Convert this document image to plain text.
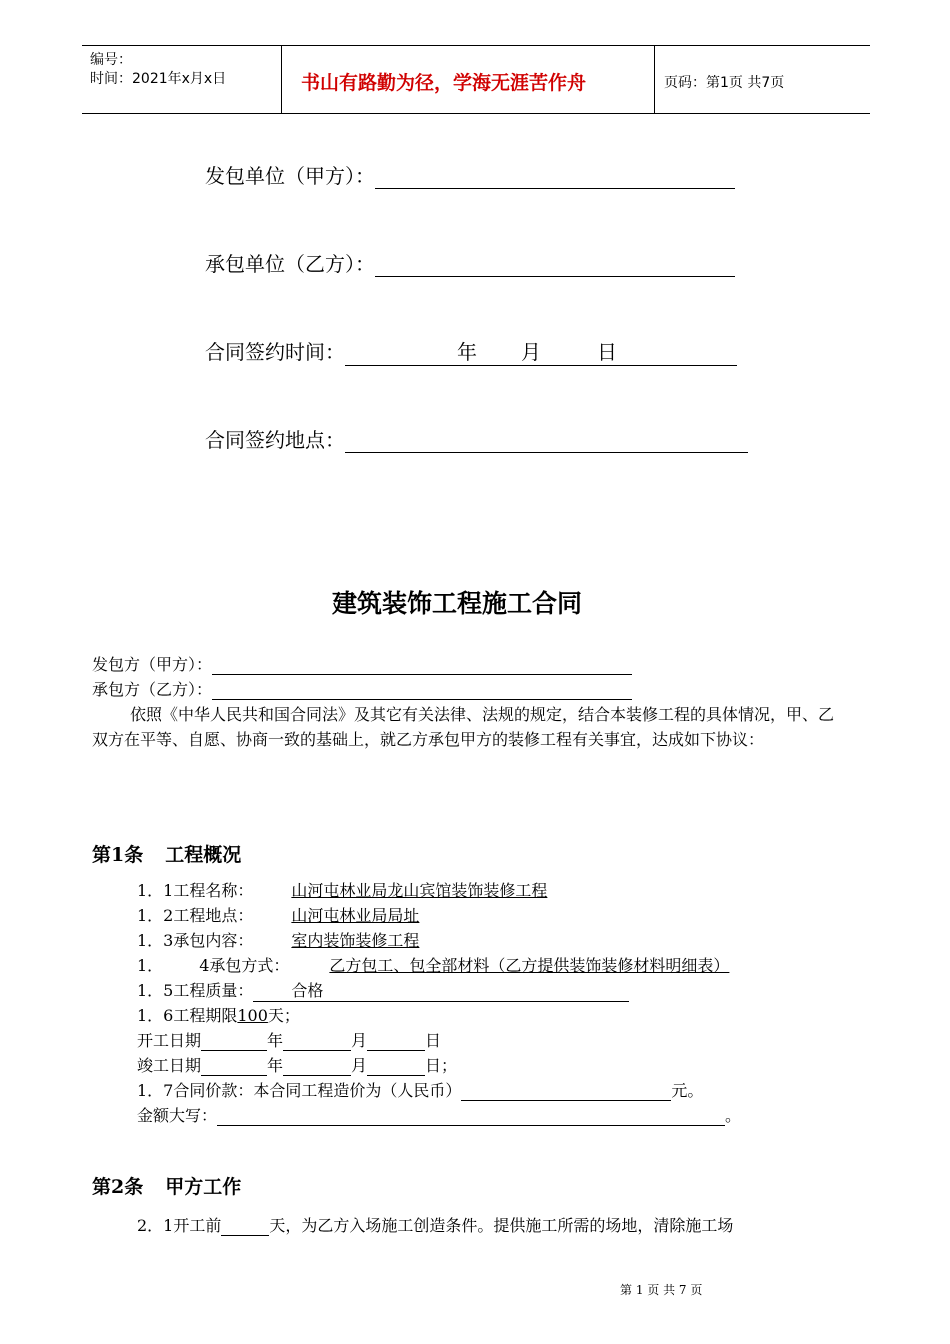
编号：
时间：2021年x月x日	书山有路勤为径，学海无涯苦作舟	页码：第1页 共7页
发包单位（甲方）：
承包单位（乙方）：
合同签约时间：	年 月	日
合同签约地点：
建筑装饰工程施工合同
发包方（甲方）：
承包方（乙方）：
依照《中华人民共和国合同法》及其它有关法律、法规的规定，结合本装修工程的具体情况，甲、乙双方在平等、自愿、协商一致的基础上，就乙方承包甲方的装修工程有关事宜，达成如下协议：
第1条 工程概况
1．1工程名称： 山河屯林业局龙山宾馆装饰装修工程
1．2工程地点： 山河屯林业局局址
1．3承包内容： 室内装饰装修工程
1． 4承包方式：	乙方包工、包全部材料（乙方提供装饰装修材料明细表）
1．5工程质量： 合格
1．6工程期限100天；
开工日期	年	月	日
竣工日期	年	月	日；
1．7合同价款：本合同工程造价为（人民币）	元。
金额大写：	。
第2条 甲方工作
2．1开工前	天，为乙方入场施工创造条件。提供施工所需的场地，清除施工场
第 1 页 共 7 页
